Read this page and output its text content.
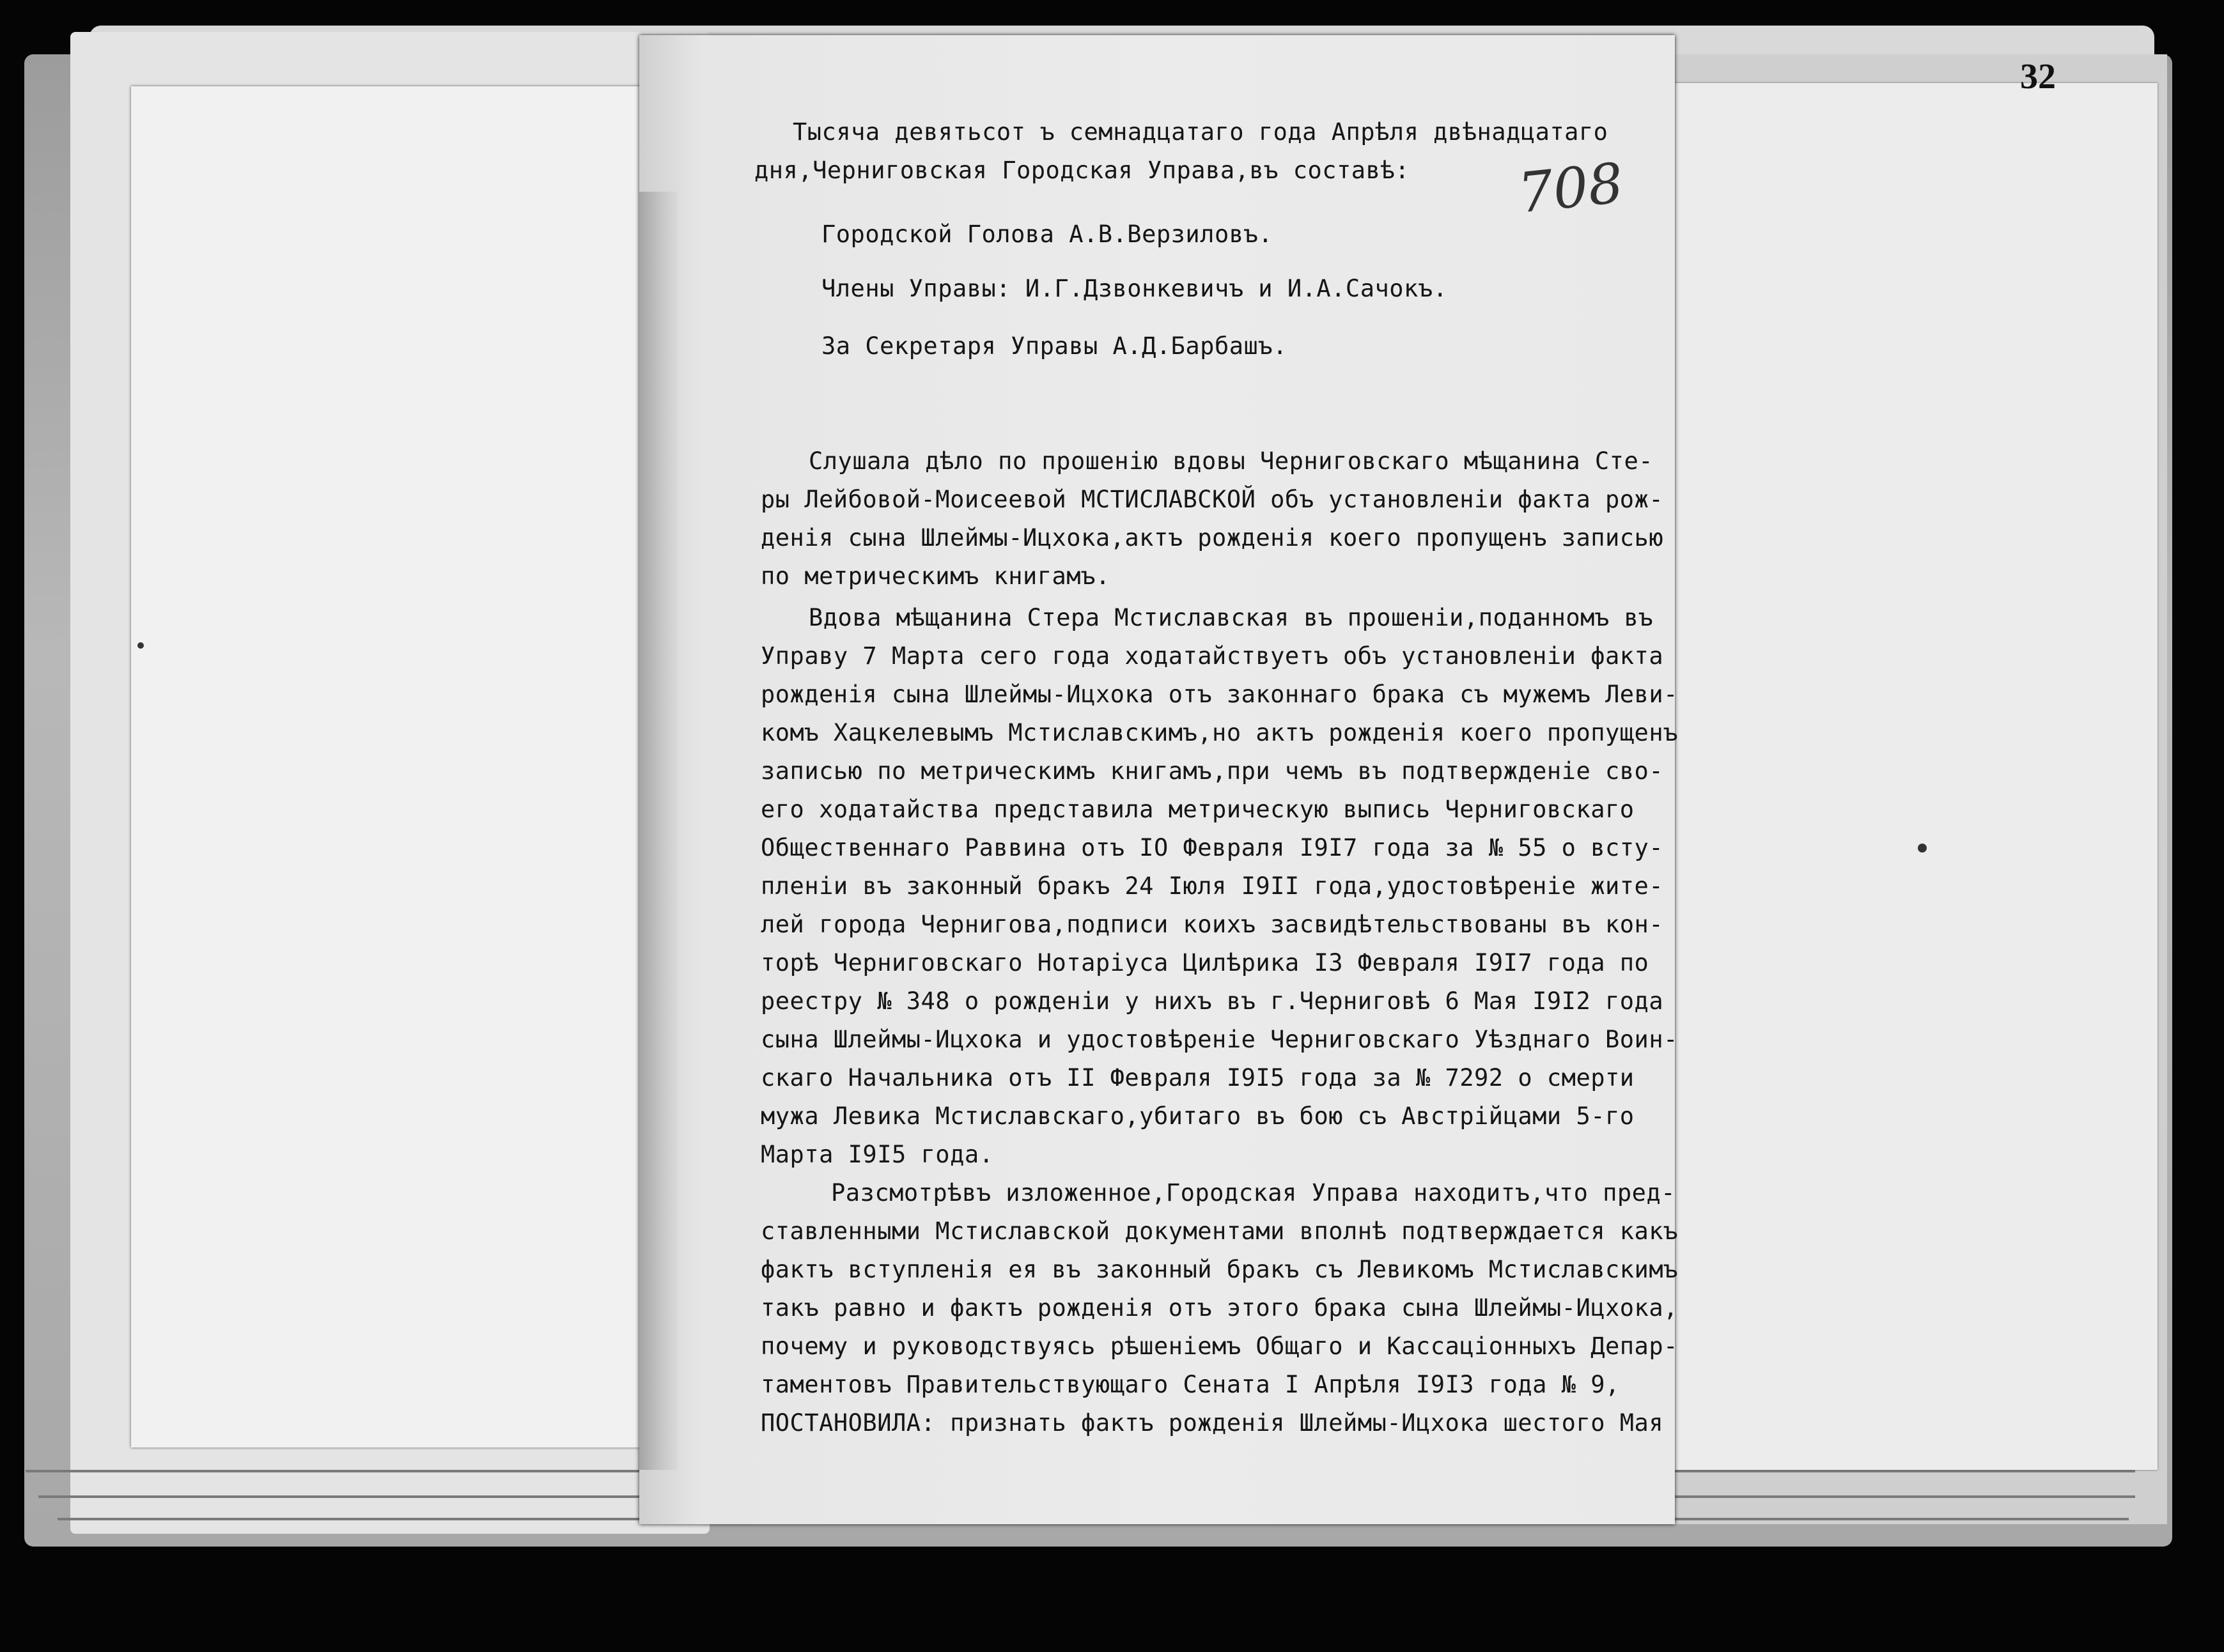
32
708
Тысяча девятьсот ъ семнадцатаго года Апрѣля двѣнадцатаго
дня,Черниговская Городская Управа,въ составѣ:
Городской Голова А.В.Верзиловъ.
Члены Управы: И.Г.Дзвонкевичъ и И.А.Сачокъ.
За Секретаря Управы А.Д.Барбашъ.
Слушала дѣло по прошенiю вдовы Черниговскаго мѣщанина Сте-
ры Лейбовой-Моисеевой МСТИСЛАВСКОЙ объ установленiи факта рож-
денiя сына Шлеймы-Ицхока,актъ рожденiя коего пропущенъ записью
по метрическимъ книгамъ.
Вдова мѣщанина Стера Мстиславская въ прошенiи,поданномъ въ
Управу 7 Марта сего года ходатайствуетъ объ установленiи факта
рожденiя сына Шлеймы-Ицхока отъ законнаго брака съ мужемъ Леви-
комъ Хацкелевымъ Мстиславскимъ,но актъ рожденiя коего пропущенъ
записью по метрическимъ книгамъ,при чемъ въ подтвержденiе сво-
его ходатайства представила метрическую выпись Черниговскаго
Общественнаго Раввина отъ IO Февраля I9I7 года за № 55 о всту-
пленiи въ законный бракъ 24 Iюля I9II года,удостовѣренiе жите-
лей города Чернигова,подписи коихъ засвидѣтельствованы въ кон-
торѣ Черниговскаго Нотарiуса Цилѣрика I3 Февраля I9I7 года по
реестру № 348 о рожденiи у нихъ въ г.Черниговѣ 6 Мая I9I2 года
сына Шлеймы-Ицхока и удостовѣренiе Черниговскаго Уѣзднаго Воин-
скаго Начальника отъ II Февраля I9I5 года за № 7292 о смерти
мужа Левика Мстиславскаго,убитаго въ бою съ Австрiйцами 5-го
Марта I9I5 года.
Разсмотрѣвъ изложенное,Городская Управа находитъ,что пред-
ставленными Мстиславской документами вполнѣ подтверждается какъ
фактъ вступленiя ея въ законный бракъ съ Левикомъ Мстиславскимъ
такъ равно и фактъ рожденiя отъ этого брака сына Шлеймы-Ицхока,
почему и руководствуясь рѣшенiемъ Общаго и Кассацiонныхъ Депар-
таментовъ Правительствующаго Сената I Апрѣля I9I3 года № 9,
ПОСТАНОВИЛА: признать фактъ рожденiя Шлеймы-Ицхока шестого Мая
